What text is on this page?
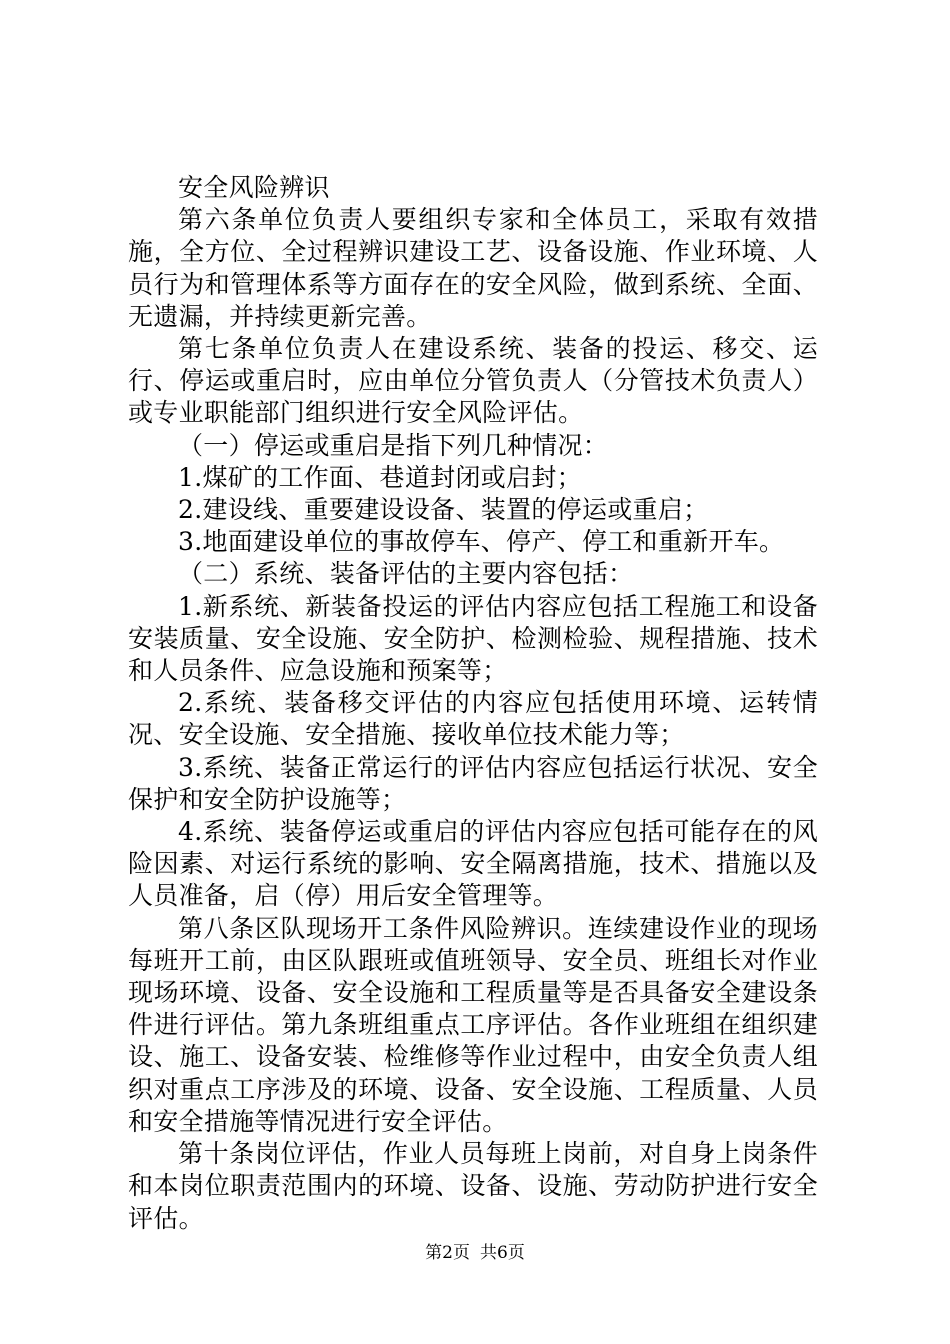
安全风险辨识

第六条单位负责人要组织专家和全体员工，采取有效措施，全方位、全过程辨识建设工艺、设备设施、作业环境、人员行为和管理体系等方面存在的安全风险，做到系统、全面、无遗漏，并持续更新完善。

第七条单位负责人在建设系统、装备的投运、移交、运行、停运或重启时，应由单位分管负责人（分管技术负责人）或专业职能部门组织进行安全风险评估。

（一）停运或重启是指下列几种情况：

1.煤矿的工作面、巷道封闭或启封；

2.建设线、重要建设设备、装置的停运或重启；

3.地面建设单位的事故停车、停产、停工和重新开车。

（二）系统、装备评估的主要内容包括：

1.新系统、新装备投运的评估内容应包括工程施工和设备安装质量、安全设施、安全防护、检测检验、规程措施、技术和人员条件、应急设施和预案等；

2.系统、装备移交评估的内容应包括使用环境、运转情况、安全设施、安全措施、接收单位技术能力等；

3.系统、装备正常运行的评估内容应包括运行状况、安全保护和安全防护设施等；

4.系统、装备停运或重启的评估内容应包括可能存在的风险因素、对运行系统的影响、安全隔离措施，技术、措施以及人员准备，启（停）用后安全管理等。

第八条区队现场开工条件风险辨识。连续建设作业的现场每班开工前，由区队跟班或值班领导、安全员、班组长对作业现场环境、设备、安全设施和工程质量等是否具备安全建设条件进行评估。第九条班组重点工序评估。各作业班组在组织建设、施工、设备安装、检维修等作业过程中，由安全负责人组织对重点工序涉及的环境、设备、安全设施、工程质量、人员和安全措施等情况进行安全评估。

第十条岗位评估，作业人员每班上岗前，对自身上岗条件和本岗位职责范围内的环境、设备、设施、劳动防护进行安全评估。

第2页 共6页
